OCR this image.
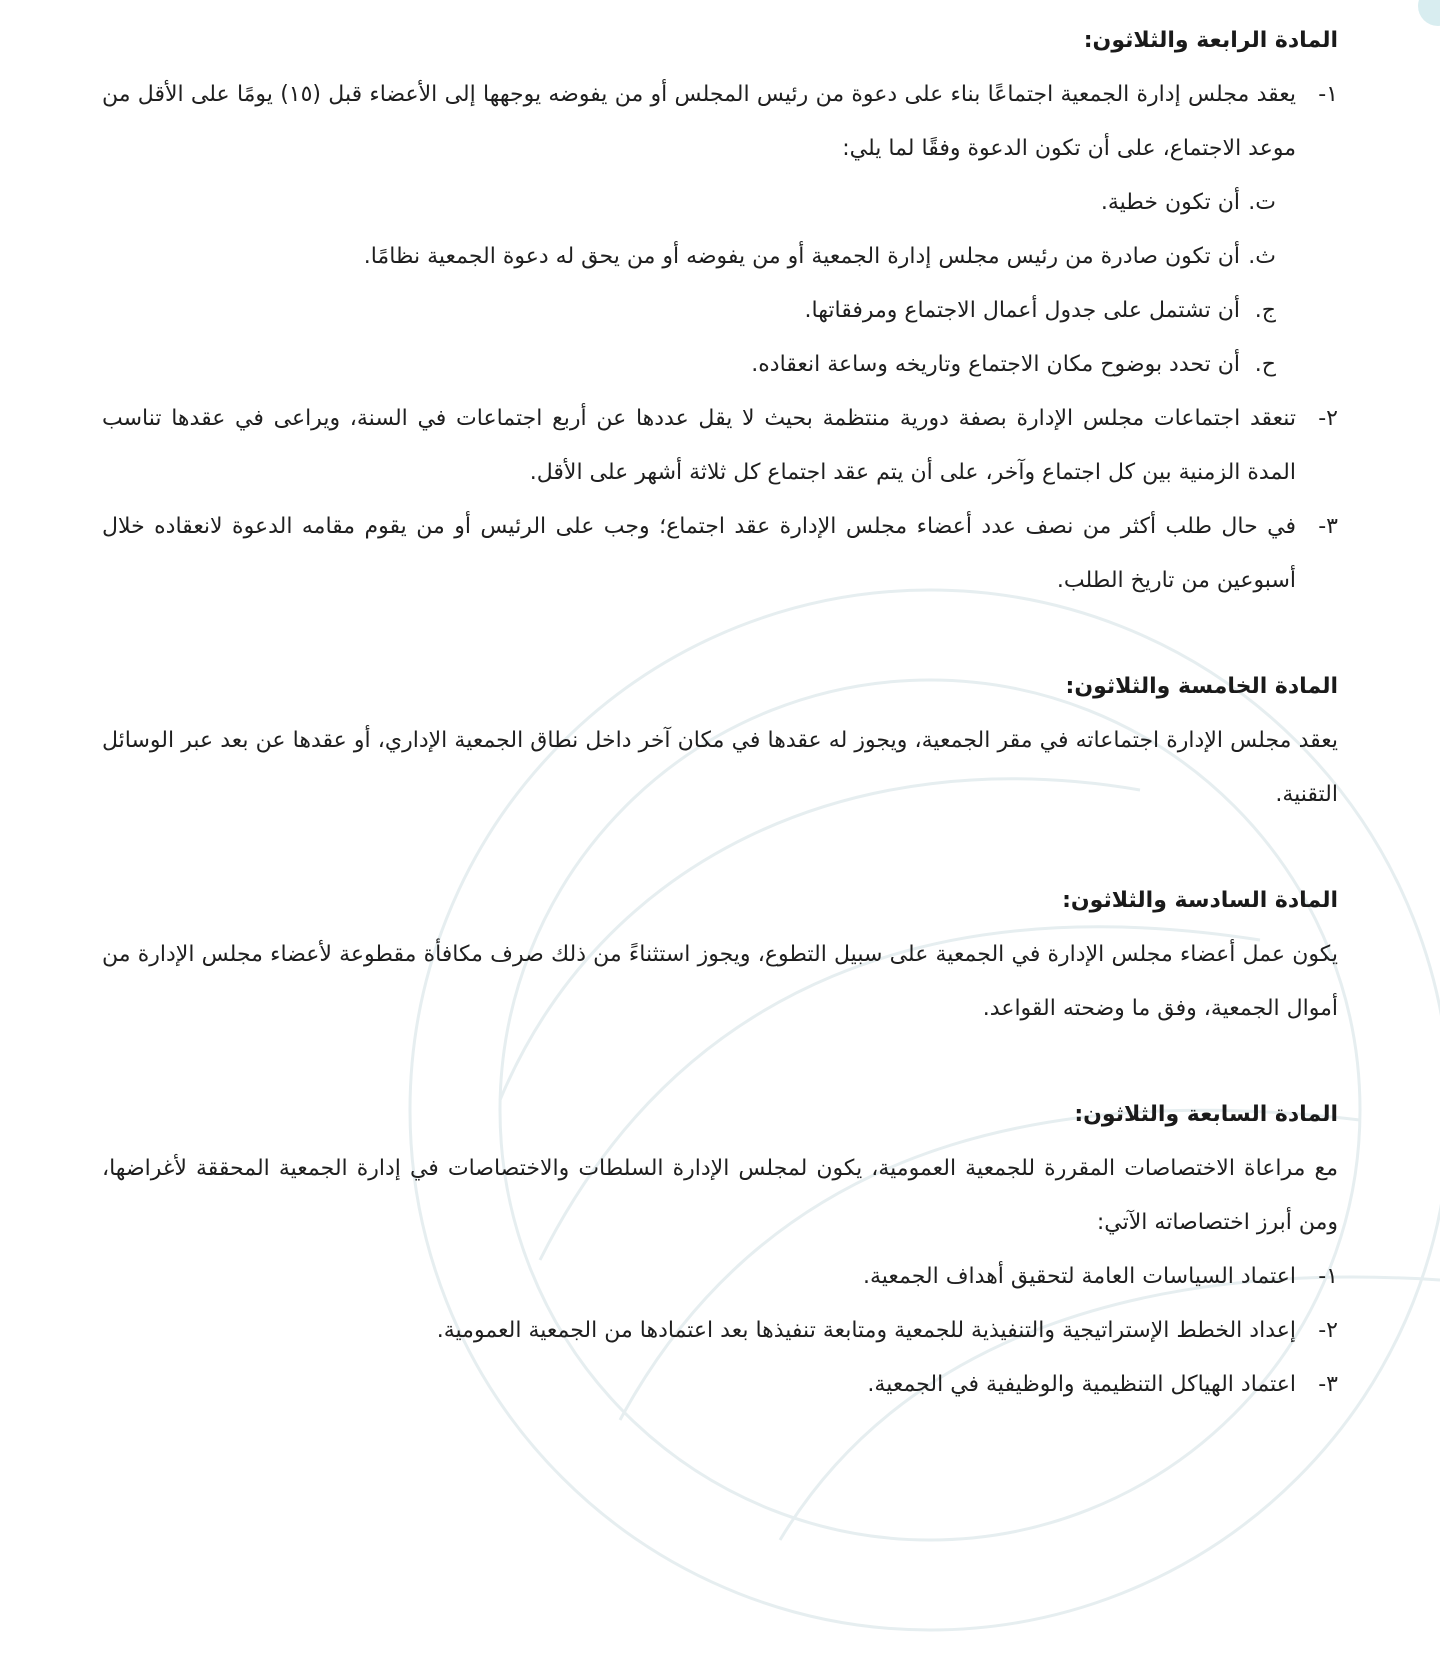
المادة الرابعة والثلاثون:
١-
يعقد مجلس إدارة الجمعية اجتماعًا بناء على دعوة من رئيس المجلس أو من يفوضه يوجهها إلى الأعضاء قبل (١٥) يومًا على الأقل من موعد الاجتماع، على أن تكون الدعوة وفقًا لما يلي:
ت.
أن تكون خطية.
ث.
أن تكون صادرة من رئيس مجلس إدارة الجمعية أو من يفوضه أو من يحق له دعوة الجمعية نظامًا.
ج.
أن تشتمل على جدول أعمال الاجتماع ومرفقاتها.
ح.
أن تحدد بوضوح مكان الاجتماع وتاريخه وساعة انعقاده.
٢-
تنعقد اجتماعات مجلس الإدارة بصفة دورية منتظمة بحيث لا يقل عددها عن أربع اجتماعات في السنة، ويراعى في عقدها تناسب المدة الزمنية بين كل اجتماع وآخر، على أن يتم عقد اجتماع كل ثلاثة أشهر على الأقل.
٣-
في حال طلب أكثر من نصف عدد أعضاء مجلس الإدارة عقد اجتماع؛ وجب على الرئيس أو من يقوم مقامه الدعوة لانعقاده خلال أسبوعين من تاريخ الطلب.
المادة الخامسة والثلاثون:

يعقد مجلس الإدارة اجتماعاته في مقر الجمعية، ويجوز له عقدها في مكان آخر داخل نطاق الجمعية الإداري، أو عقدها عن بعد عبر الوسائل التقنية.

المادة السادسة والثلاثون:

يكون عمل أعضاء مجلس الإدارة في الجمعية على سبيل التطوع، ويجوز استثناءً من ذلك صرف مكافأة مقطوعة لأعضاء مجلس الإدارة من أموال الجمعية، وفق ما وضحته القواعد.

المادة السابعة والثلاثون:

مع مراعاة الاختصاصات المقررة للجمعية العمومية، يكون لمجلس الإدارة السلطات والاختصاصات في إدارة الجمعية المحققة لأغراضها، ومن أبرز اختصاصاته الآتي:

١-
اعتماد السياسات العامة لتحقيق أهداف الجمعية.
٢-
إعداد الخطط الإستراتيجية والتنفيذية للجمعية ومتابعة تنفيذها بعد اعتمادها من الجمعية العمومية.
٣-
اعتماد الهياكل التنظيمية والوظيفية في الجمعية.
